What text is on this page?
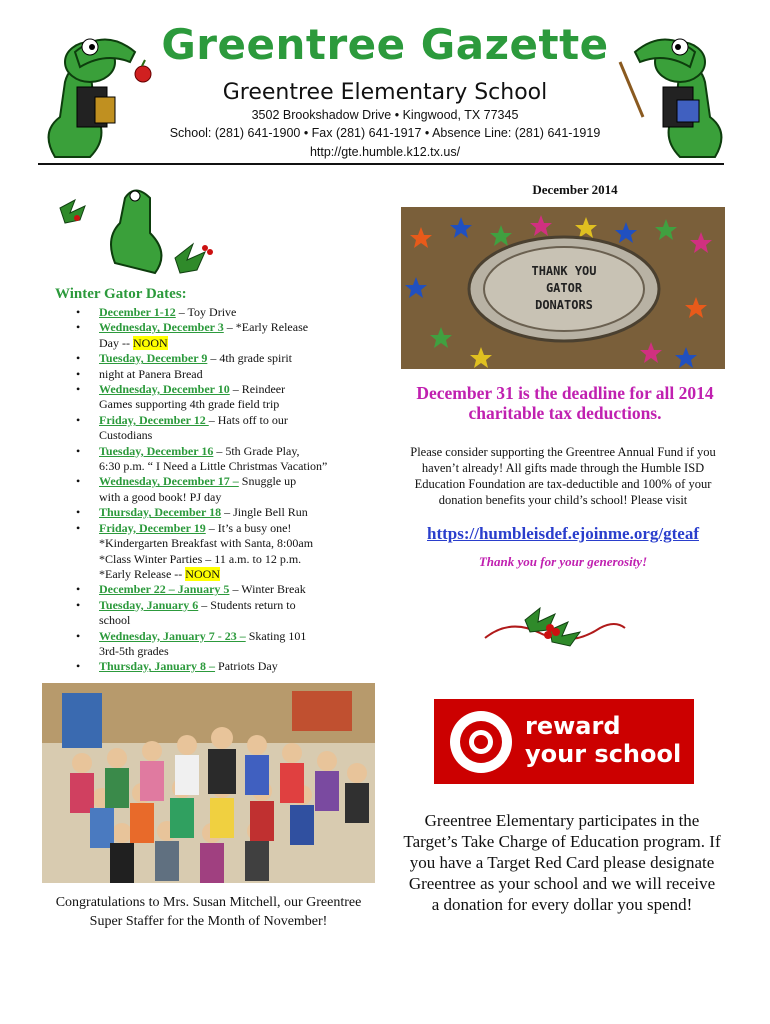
Greentree Gazette
Greentree Elementary School
3502 Brookshadow Drive • Kingwood, TX 77345
School: (281) 641-1900 • Fax (281) 641-1917 • Absence Line: (281) 641-1919
http://gte.humble.k12.tx.us/
December 2014
Winter Gator Dates:
• December 1-12 – Toy Drive
• Wednesday, December 3 – *Early Release
Day -- NOON
• Tuesday, December 9 – 4th grade spirit
• night at Panera Bread
• Wednesday, December 10 – Reindeer
Games supporting 4th grade field trip
• Friday, December 12 – Hats off to our
Custodians
• Tuesday, December 16 – 5th Grade Play,
6:30 p.m. “ I Need a Little Christmas Vacation”
• Wednesday, December 17 – Snuggle up
with a good book! PJ day
• Thursday, December 18 – Jingle Bell Run
• Friday, December 19 – It’s a busy one!
*Kindergarten Breakfast with Santa, 8:00am
*Class Winter Parties – 11 a.m. to 12 p.m.
*Early Release -- NOON
• December 22 – January 5 – Winter Break
• Tuesday, January 6 – Students return to
school
• Wednesday, January 7 - 23 – Skating 101
3rd-5th grades
• Thursday, January 8 – Patriots Day
THANK YOU
GATOR
DONATORS
December 31 is the deadline for all 2014 charitable tax deductions.
Please consider supporting the Greentree Annual Fund if you haven’t already! All gifts made through the Humble ISD Education Foundation are tax-deductible and 100% of your donation benefits your child’s school! Please visit
https://humbleisdef.ejoinme.org/gteaf
Thank you for your generosity!
Congratulations to Mrs. Susan Mitchell, our Greentree Super Staffer for the Month of November!
reward
your school
Greentree Elementary participates in the Target’s Take Charge of Education program. If you have a Target Red Card please designate Greentree as your school and we will receive a donation for every dollar you spend!
